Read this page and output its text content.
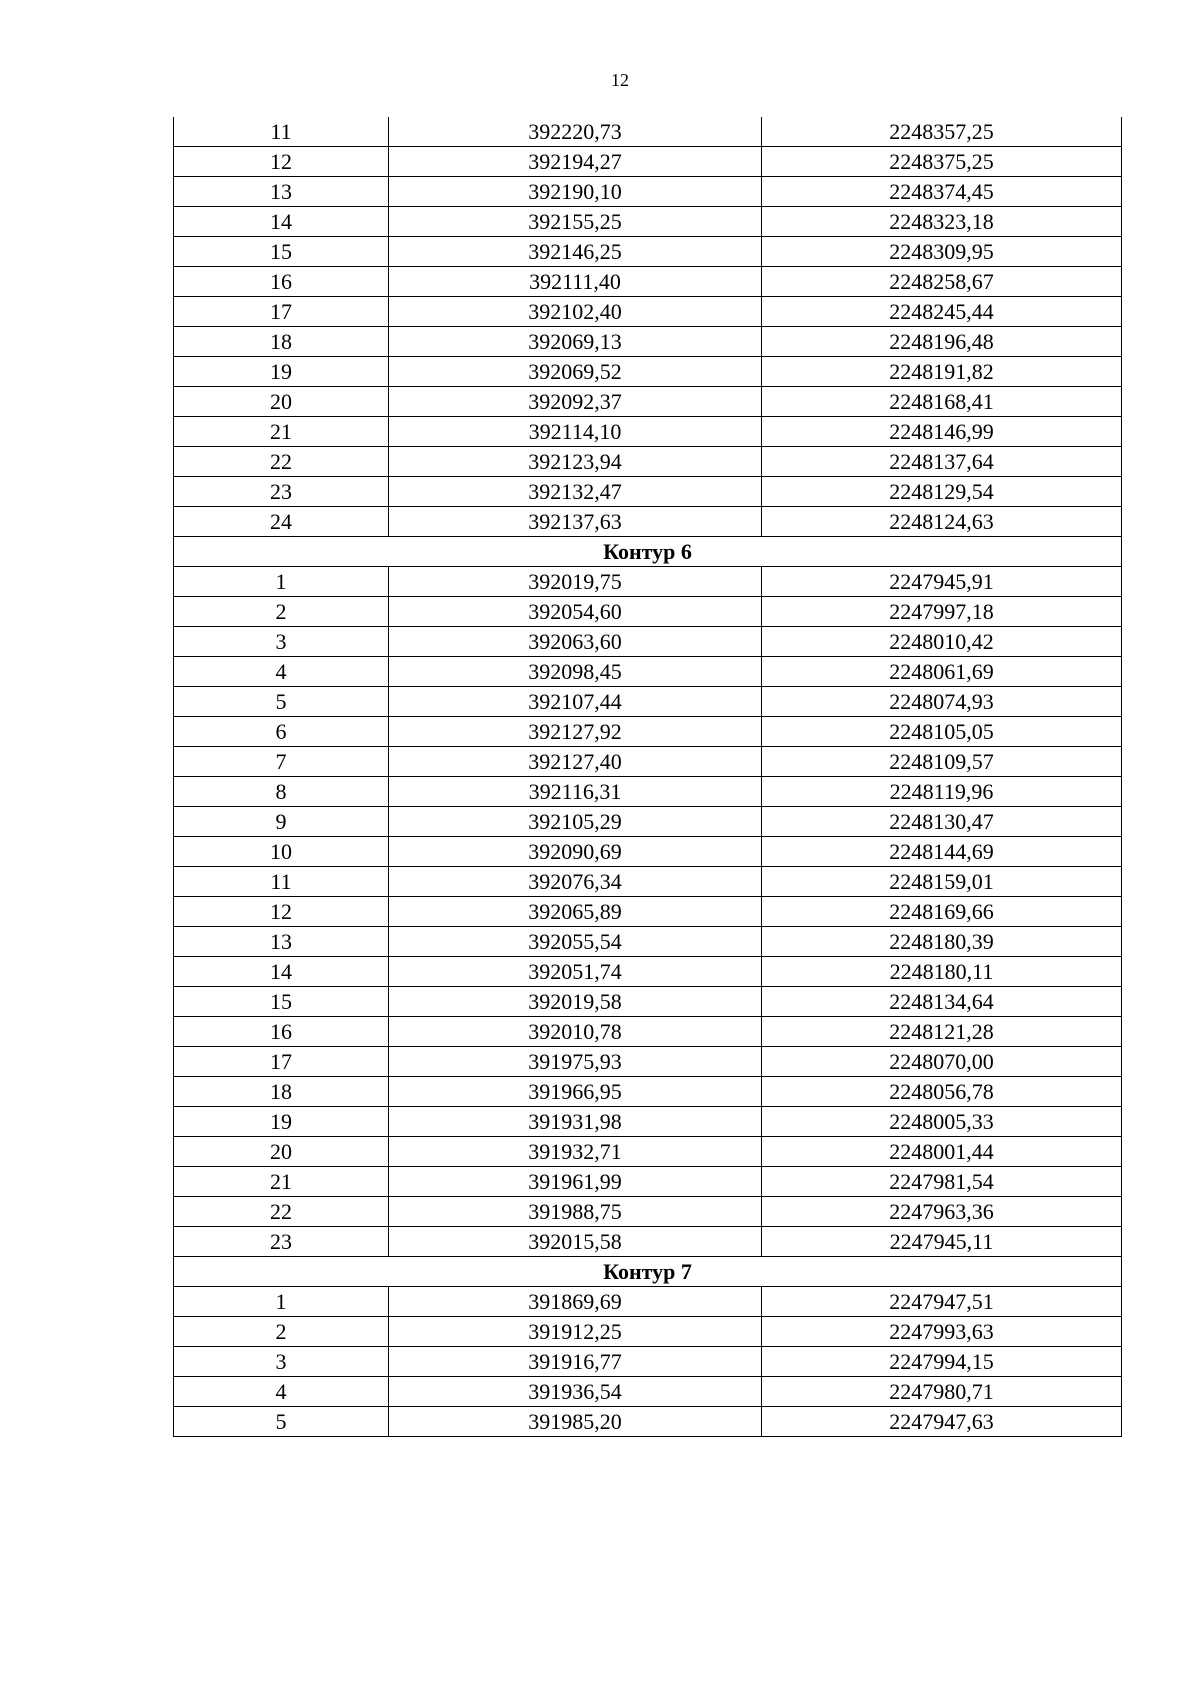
12
11	392220,73	2248357,25
12	392194,27	2248375,25
13	392190,10	2248374,45
14	392155,25	2248323,18
15	392146,25	2248309,95
16	392111,40	2248258,67
17	392102,40	2248245,44
18	392069,13	2248196,48
19	392069,52	2248191,82
20	392092,37	2248168,41
21	392114,10	2248146,99
22	392123,94	2248137,64
23	392132,47	2248129,54
24	392137,63	2248124,63
Контур 6		
1	392019,75	2247945,91
2	392054,60	2247997,18
3	392063,60	2248010,42
4	392098,45	2248061,69
5	392107,44	2248074,93
6	392127,92	2248105,05
7	392127,40	2248109,57
8	392116,31	2248119,96
9	392105,29	2248130,47
10	392090,69	2248144,69
11	392076,34	2248159,01
12	392065,89	2248169,66
13	392055,54	2248180,39
14	392051,74	2248180,11
15	392019,58	2248134,64
16	392010,78	2248121,28
17	391975,93	2248070,00
18	391966,95	2248056,78
19	391931,98	2248005,33
20	391932,71	2248001,44
21	391961,99	2247981,54
22	391988,75	2247963,36
23	392015,58	2247945,11
Контур 7		
1	391869,69	2247947,51
2	391912,25	2247993,63
3	391916,77	2247994,15
4	391936,54	2247980,71
5	391985,20	2247947,63
